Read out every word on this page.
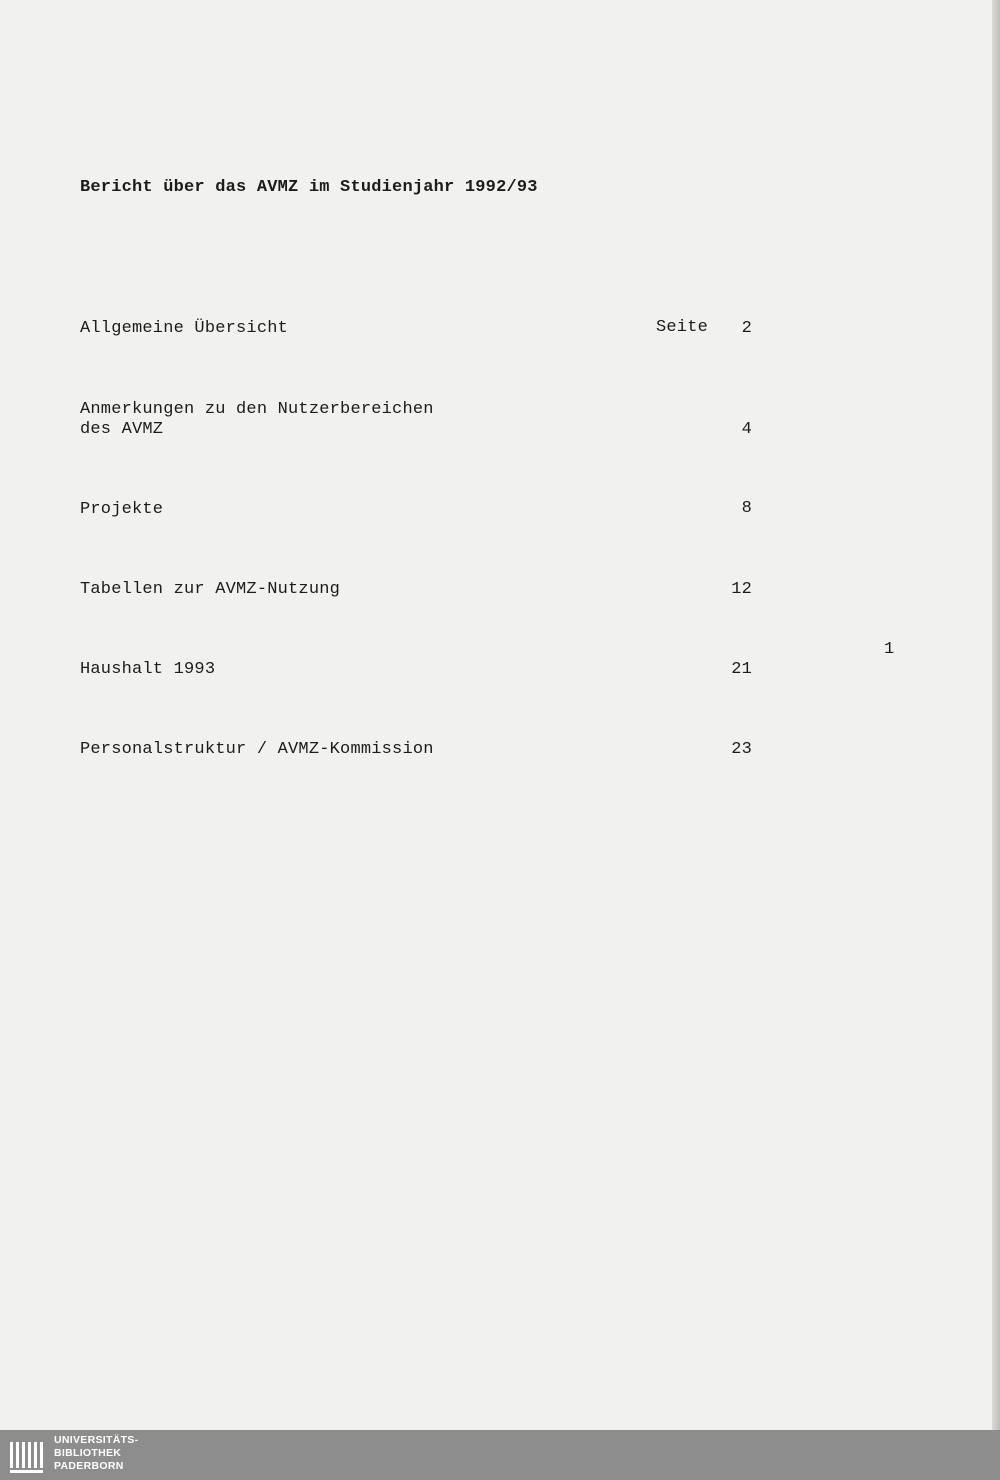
Bericht über das AVMZ im Studienjahr 1992/93
Seite
Allgemeine Übersicht	2
Anmerkungen zu den Nutzerbereichen
des AVMZ	4
Projekte	8
Tabellen zur AVMZ-Nutzung	12
Haushalt 1993	21
Personalstruktur / AVMZ-Kommission	23
1
UNIVERSITÄTS-
BIBLIOTHEK
PADERBORN
